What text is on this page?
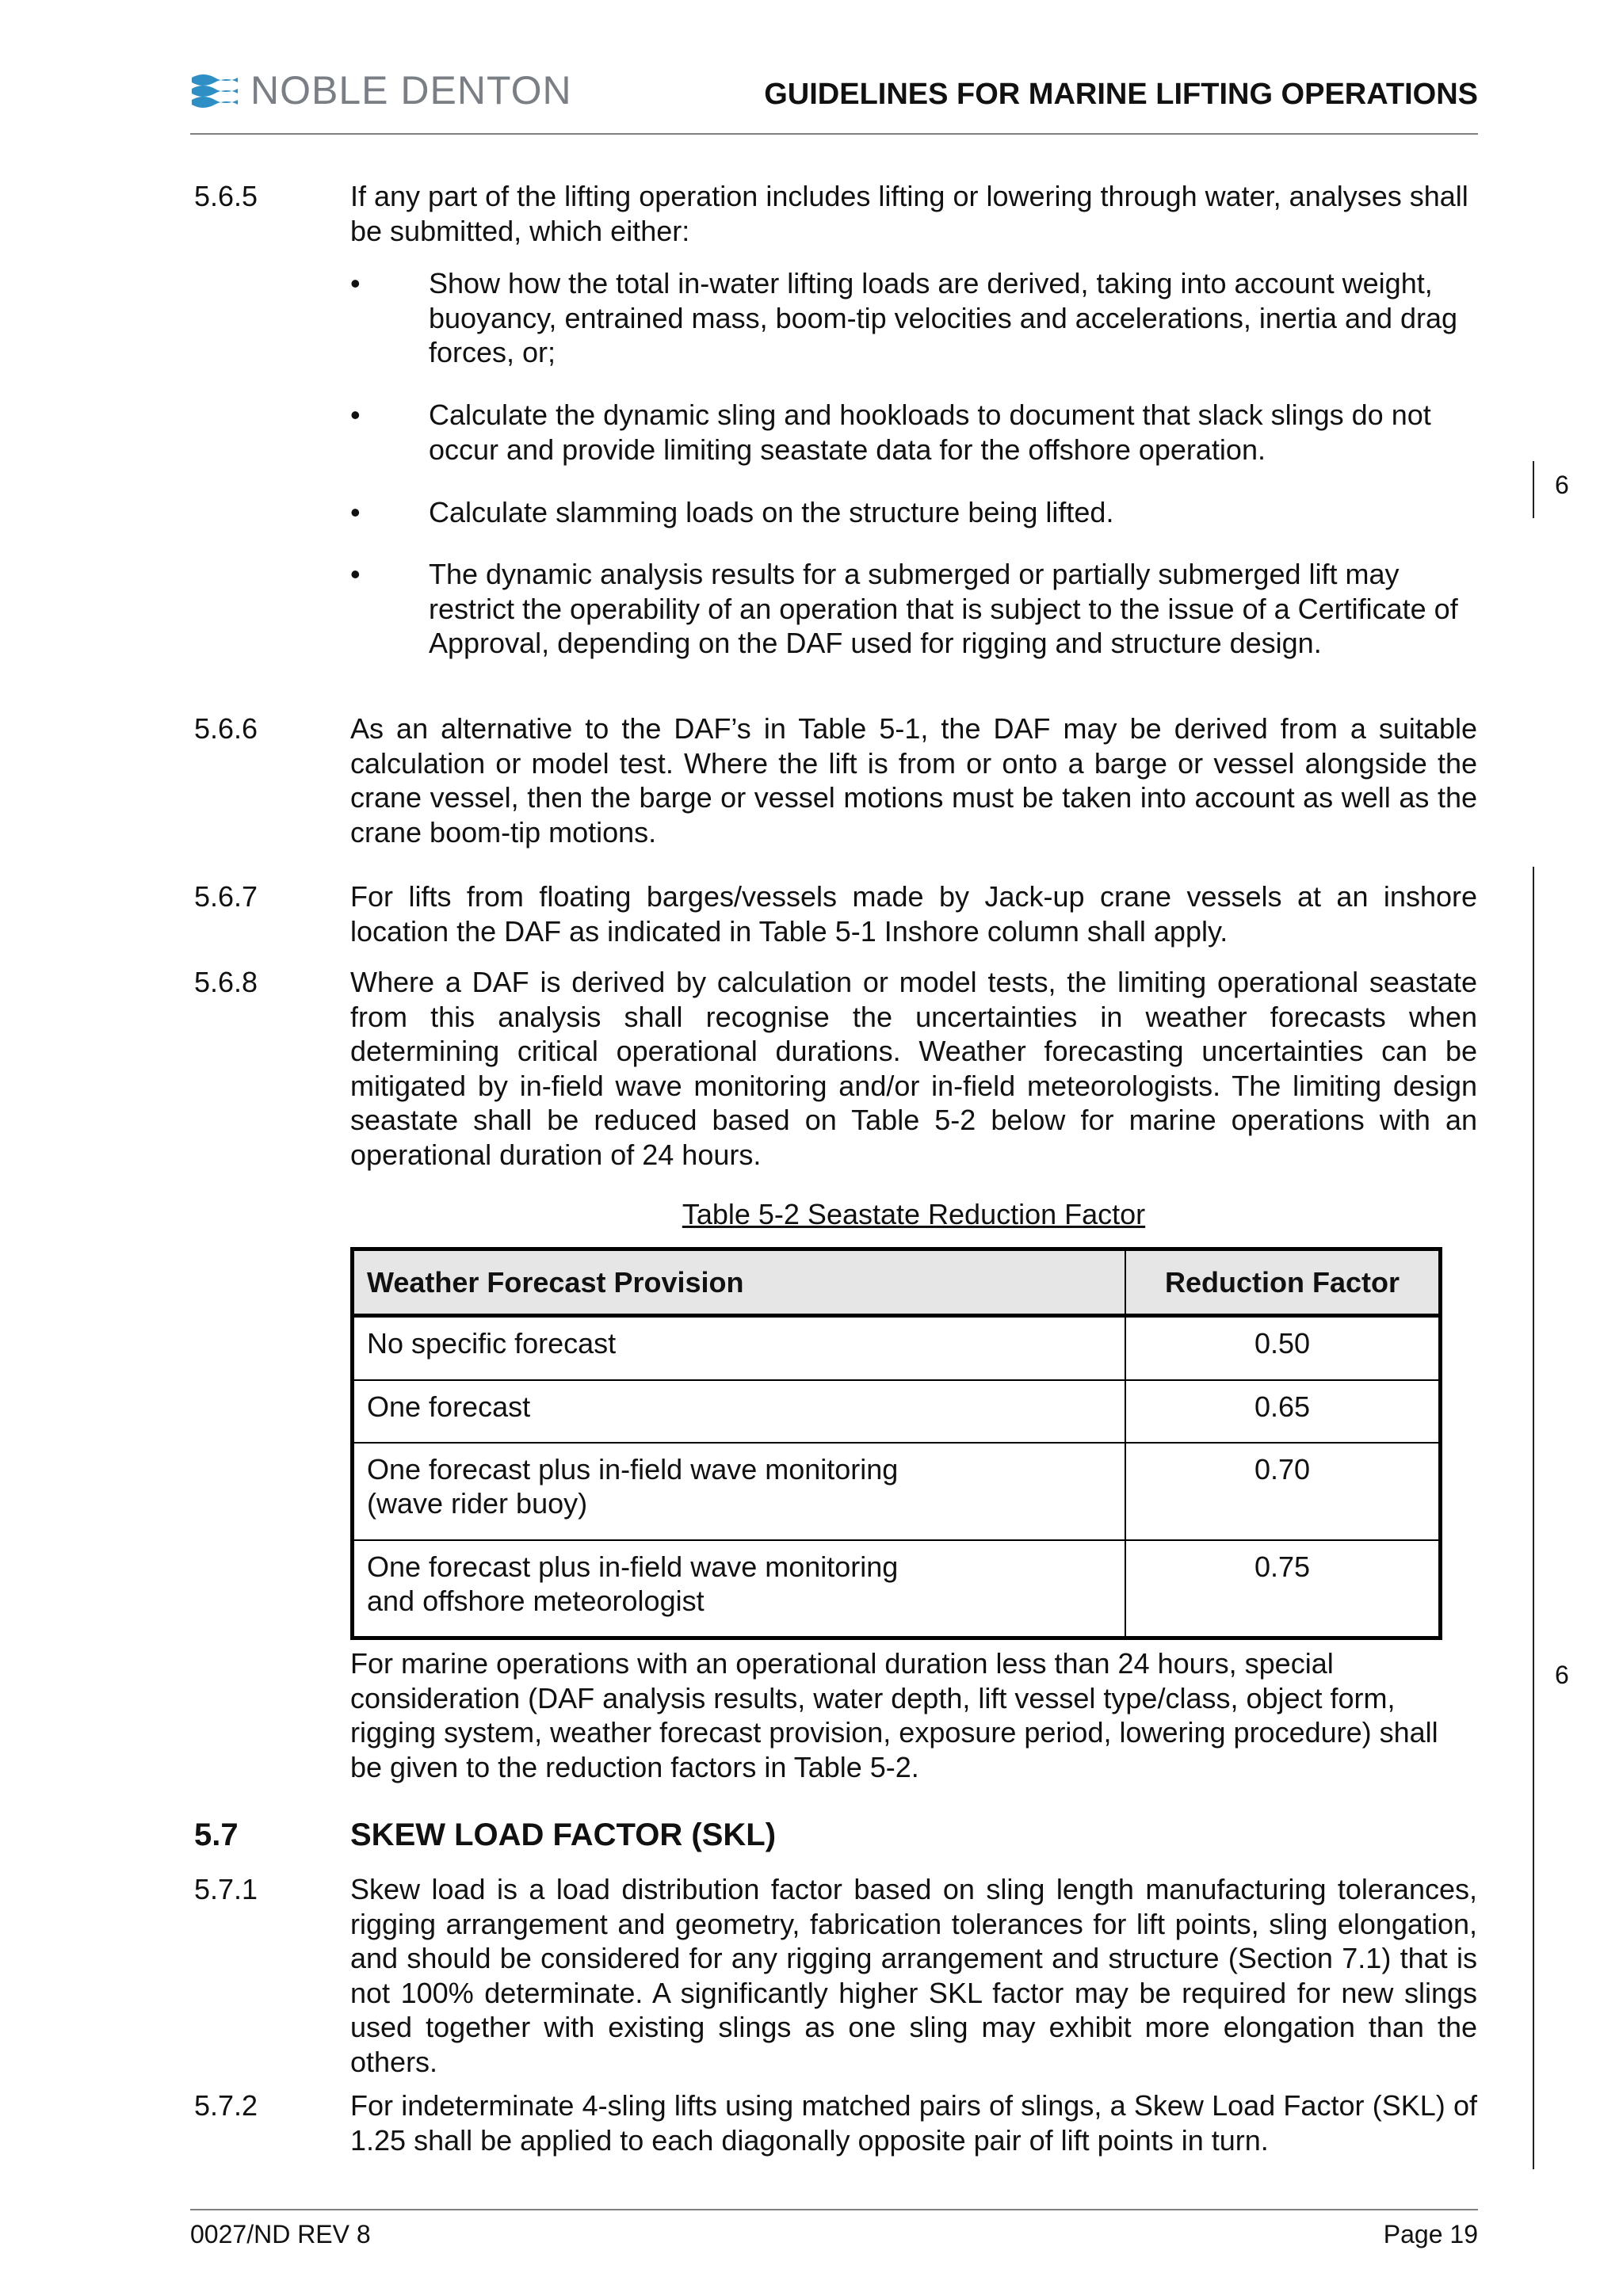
NOBLE DENTON	GUIDELINES FOR MARINE LIFTING OPERATIONS
5.6.5	If any part of the lifting operation includes lifting or lowering through water, analyses shall be submitted, which either:
• Show how the total in-water lifting loads are derived, taking into account weight, buoyancy, entrained mass, boom-tip velocities and accelerations, inertia and drag forces, or;
• Calculate the dynamic sling and hookloads to document that slack slings do not occur and provide limiting seastate data for the offshore operation.
• Calculate slamming loads on the structure being lifted.
• The dynamic analysis results for a submerged or partially submerged lift may restrict the operability of an operation that is subject to the issue of a Certificate of Approval, depending on the DAF used for rigging and structure design.
5.6.6	As an alternative to the DAF’s in Table 5-1, the DAF may be derived from a suitable calculation or model test. Where the lift is from or onto a barge or vessel alongside the crane vessel, then the barge or vessel motions must be taken into account as well as the crane boom-tip motions.
5.6.7	For lifts from floating barges/vessels made by Jack-up crane vessels at an inshore location the DAF as indicated in Table 5-1 Inshore column shall apply.
5.6.8	Where a DAF is derived by calculation or model tests, the limiting operational seastate from this analysis shall recognise the uncertainties in weather forecasts when determining critical operational durations. Weather forecasting uncertainties can be mitigated by in-field wave monitoring and/or in-field meteorologists. The limiting design seastate shall be reduced based on Table 5-2 below for marine operations with an operational duration of 24 hours.
Table 5-2 Seastate Reduction Factor
Weather Forecast Provision	Reduction Factor

No specific forecast	0.50

One forecast	0.65

One forecast plus in-field wave monitoring
(wave rider buoy)	0.70

One forecast plus in-field wave monitoring
and offshore meteorologist	0.75
For marine operations with an operational duration less than 24 hours, special consideration (DAF analysis results, water depth, lift vessel type/class, object form, rigging system, weather forecast provision, exposure period, lowering procedure) shall be given to the reduction factors in Table 5-2.
5.7	SKEW LOAD FACTOR (SKL)
5.7.1	Skew load is a load distribution factor based on sling length manufacturing tolerances, rigging arrangement and geometry, fabrication tolerances for lift points, sling elongation, and should be considered for any rigging arrangement and structure (Section 7.1) that is not 100% determinate. A significantly higher SKL factor may be required for new slings used together with existing slings as one sling may exhibit more elongation than the others.
5.7.2	For indeterminate 4-sling lifts using matched pairs of slings, a Skew Load Factor (SKL) of 1.25 shall be applied to each diagonally opposite pair of lift points in turn.
6
6
0027/ND REV 8	Page 19
